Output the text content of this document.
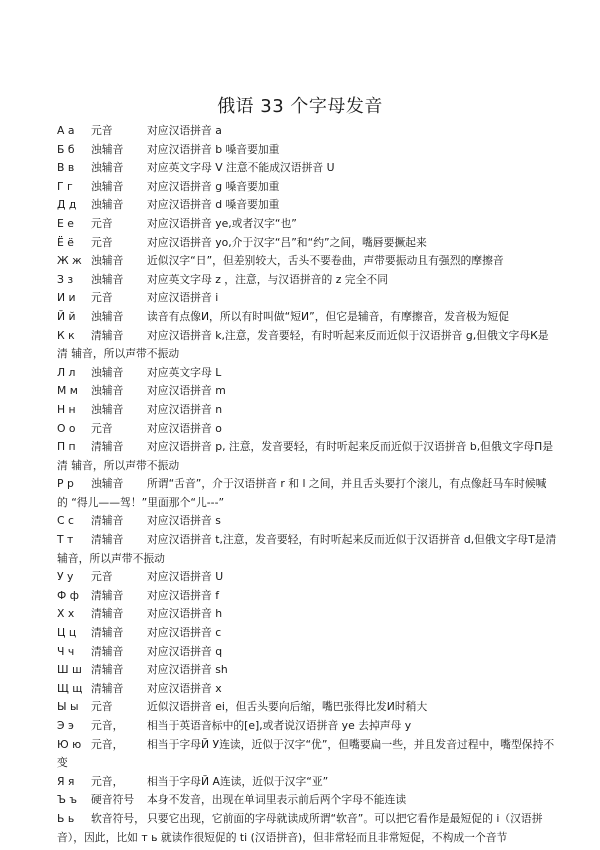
俄语 33 个字母发音
А а 元音	对应汉语拼音 a
Б б 浊辅音 对应汉语拼音 b 嗓音要加重
В в 浊辅音 对应英文字母 V 注意不能成汉语拼音 U
Г г 浊辅音 对应汉语拼音 g 嗓音要加重
Д д 浊辅音 对应汉语拼音 d 嗓音要加重
Е е 元音	对应汉语拼音 ye,或者汉字“也”
Ё ё 元音	对应汉语拼音 yo,介于汉字“吕”和“约”之间，嘴唇要撅起来
Ж ж 浊辅音 近似汉字“日”，但差别较大，舌头不要卷曲，声带要振动且有强烈的摩擦音
З з 浊辅音 对应英文字母 z ，注意，与汉语拼音的 z 完全不同
И и 元音	对应汉语拼音 i
Й й 浊辅音 读音有点像И，所以有时叫做“短И”，但它是辅音，有摩擦音，发音极为短促
К к 清辅音 对应汉语拼音 k,注意，发音要轻，有时听起来反而近似于汉语拼音 g,但俄文字母К是清 辅音，所以声带不振动
Л л 浊辅音 对应英文字母 L
М м 浊辅音 对应汉语拼音 m
Н н 浊辅音 对应汉语拼音 n
О о 元音	对应汉语拼音 o
П п 清辅音 对应汉语拼音 p, 注意，发音要轻，有时听起来反而近似于汉语拼音 b,但俄文字母П是清 辅音，所以声带不振动
Р р 浊辅音 所谓“舌音”，介于汉语拼音 r 和 l 之间，并且舌头要打个滚儿，有点像赶马车时候喊的 “得儿——驾！”里面那个“儿---”
С с 清辅音 对应汉语拼音 s
Т т 清辅音 对应汉语拼音 t,注意，发音要轻，有时听起来反而近似于汉语拼音 d,但俄文字母Т是清辅音，所以声带不振动
У у 元音	对应汉语拼音 U
Ф ф 清辅音 对应汉语拼音 f
Х х 清辅音 对应汉语拼音 h
Ц ц 清辅音 对应汉语拼音 c
Ч ч 清辅音 对应汉语拼音 q
Ш ш 清辅音 对应汉语拼音 sh
Щ щ 清辅音 对应汉语拼音 x
Ы ы 元音	近似汉语拼音 ei，但舌头要向后缩，嘴巴张得比发И时稍大
Э э 元音， 相当于英语音标中的[e],或者说汉语拼音 ye 去掉声母 y
Ю ю 元音， 相当于字母Й У连读，近似于汉字“优”，但嘴要扁一些，并且发音过程中，嘴型保持不变
Я я 元音， 相当于字母Й А连读，近似于汉字“亚”
Ъ ъ 硬音符号 本身不发音，出现在单词里表示前后两个字母不能连读
Ь ь 软音符号， 只要它出现，它前面的字母就读成所谓“软音”。可以把它看作是最短促的 i（汉语拼 音），因此，比如 т ь 就读作很短促的 ti (汉语拼音)，但非常轻而且非常短促，不构成一个音节
